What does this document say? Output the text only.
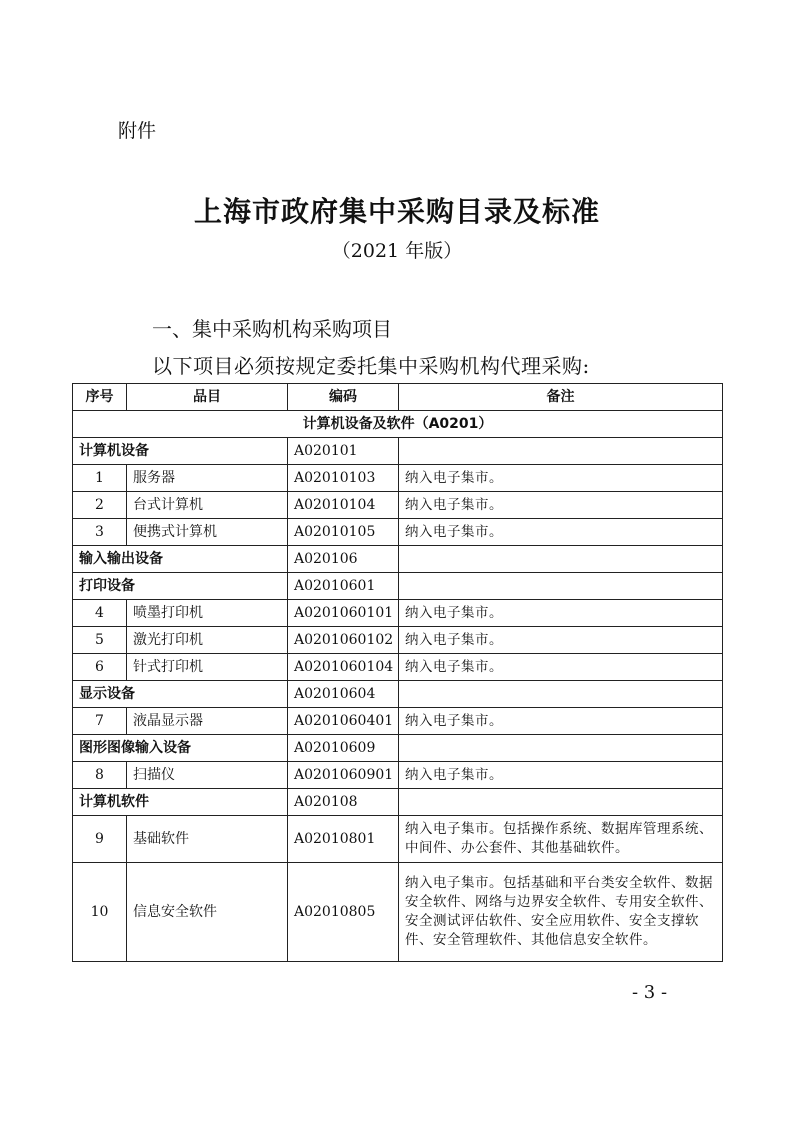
附件
上海市政府集中采购目录及标准
（2021 年版）
一、集中采购机构采购项目
以下项目必须按规定委托集中采购机构代理采购:
序号	品目	编码	备注
计算机设备及软件（A0201）			
计算机设备		A020101	
1	服务器	A02010103	纳入电子集市。
2	台式计算机	A02010104	纳入电子集市。
3	便携式计算机	A02010105	纳入电子集市。
输入输出设备		A020106	
打印设备		A02010601	
4	喷墨打印机	A0201060101	纳入电子集市。
5	激光打印机	A0201060102	纳入电子集市。
6	针式打印机	A0201060104	纳入电子集市。
显示设备		A02010604	
7	液晶显示器	A0201060401	纳入电子集市。
图形图像输入设备		A02010609	
8	扫描仪	A0201060901	纳入电子集市。
计算机软件		A020108	
9	基础软件	A02010801	纳入电子集市。包括操作系统、数据库管理系统、中间件、办公套件、其他基础软件。
10	信息安全软件	A02010805	纳入电子集市。包括基础和平台类安全软件、数据安全软件、网络与边界安全软件、专用安全软件、安全测试评估软件、安全应用软件、安全支撑软件、安全管理软件、其他信息安全软件。
- 3 -
